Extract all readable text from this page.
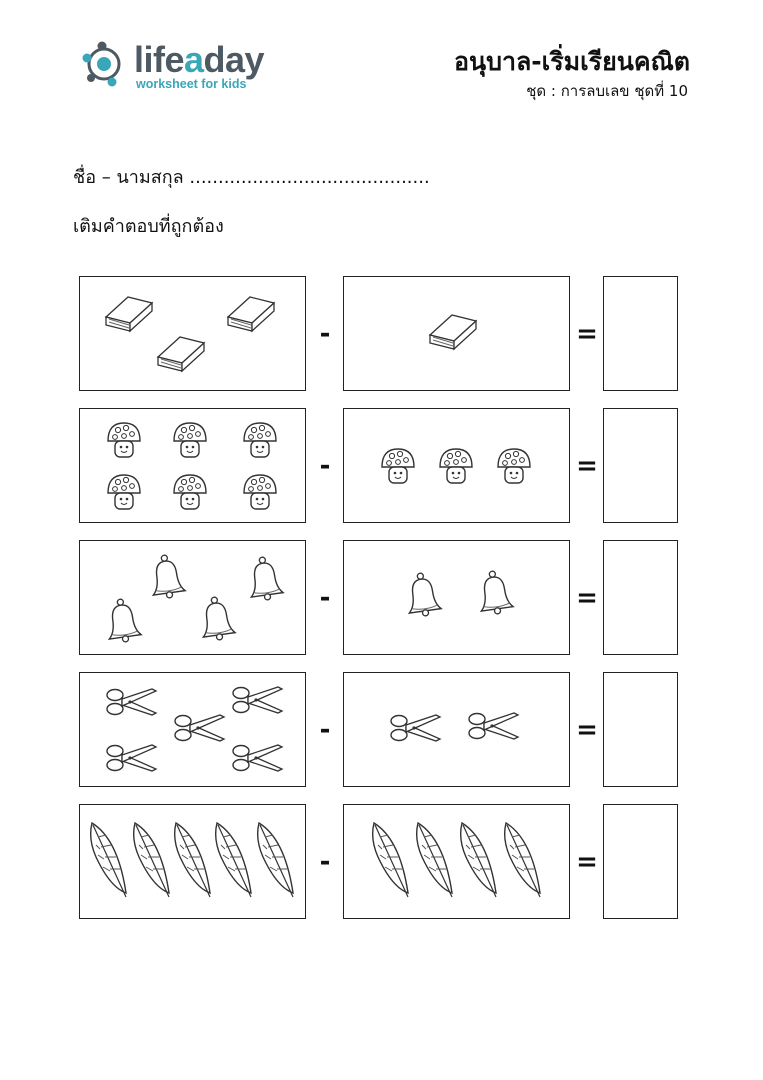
lifeaday
worksheet for kids
อนุบาล-เริ่มเรียนคณิต
ชุด : การลบเลข ชุดที่ 10
ชื่อ – นามสกุล ..........................................
เติมคำตอบที่ถูกต้อง
-	=
-	=
-	=
-	=
-	=
